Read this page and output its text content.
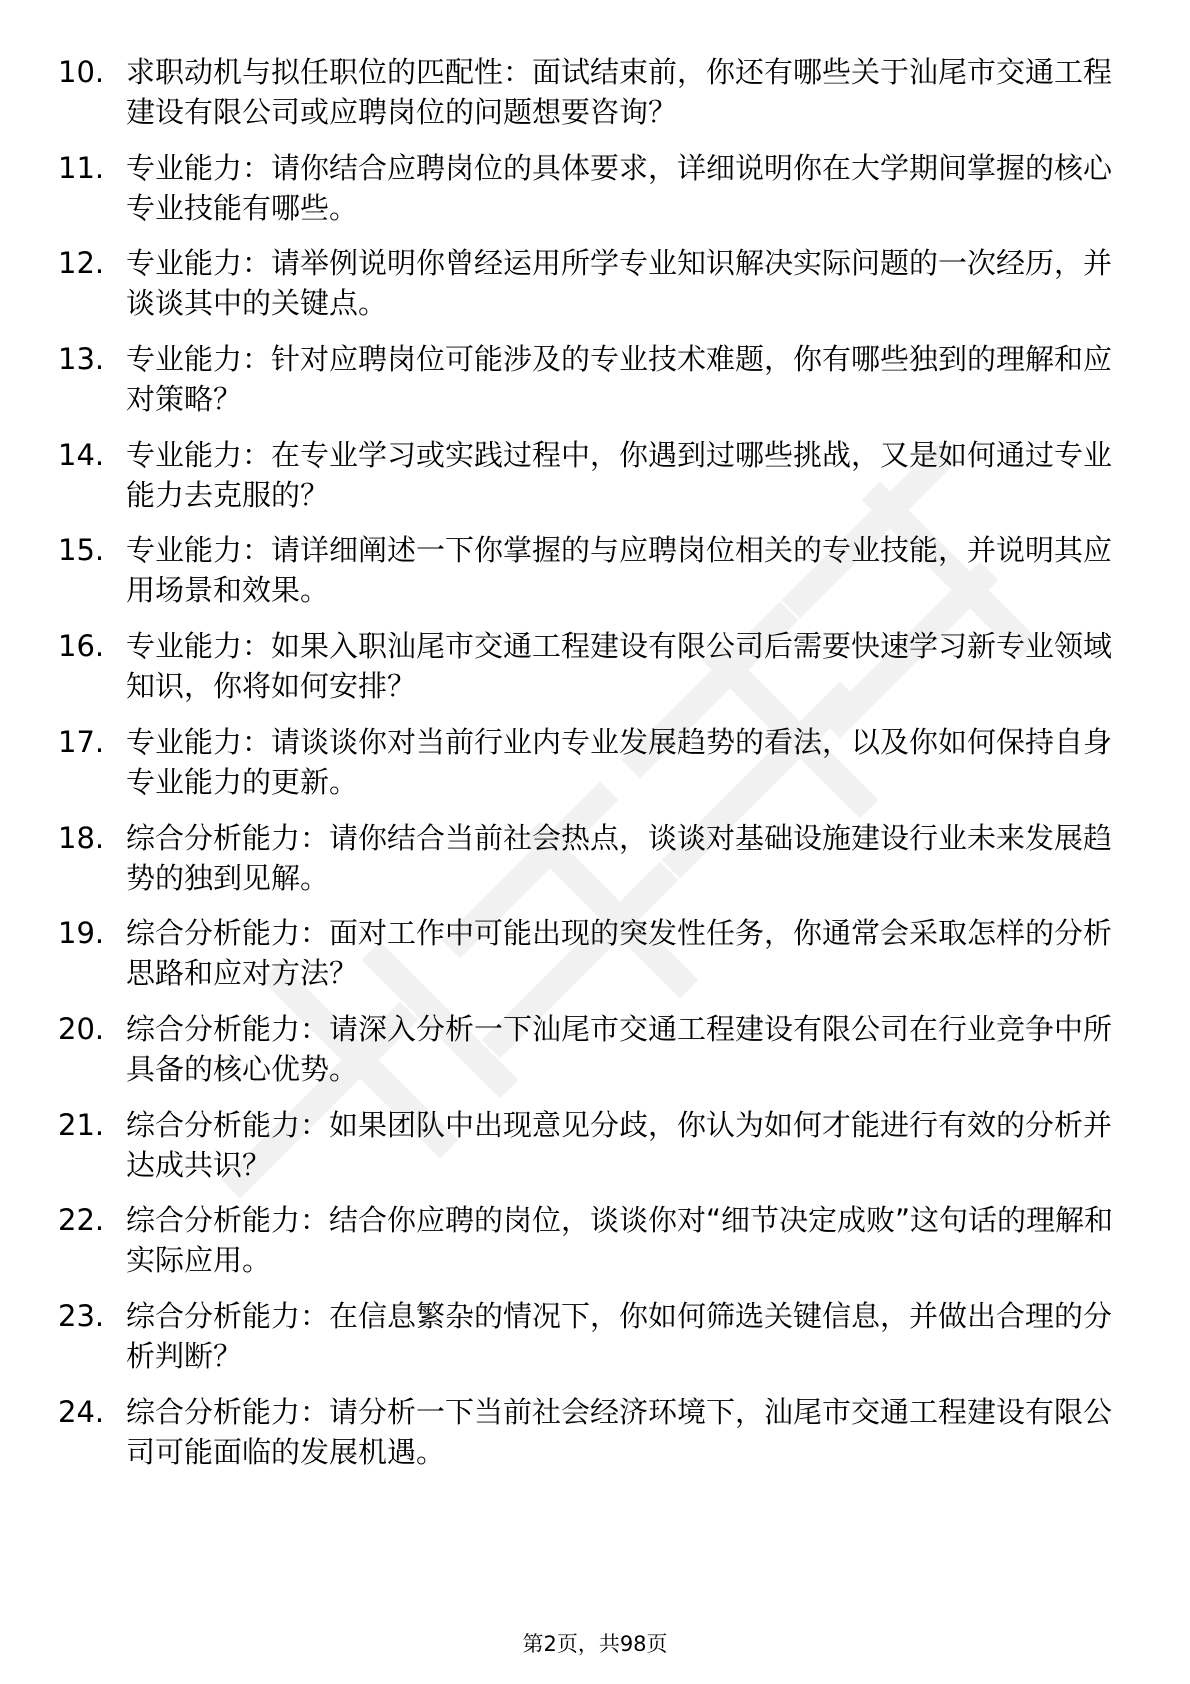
10. 求职动机与拟任职位的匹配性：面试结束前，你还有哪些关于汕尾市交通工程建设有限公司或应聘岗位的问题想要咨询？
11. 专业能力：请你结合应聘岗位的具体要求，详细说明你在大学期间掌握的核心专业技能有哪些。
12. 专业能力：请举例说明你曾经运用所学专业知识解决实际问题的一次经历，并谈谈其中的关键点。
13. 专业能力：针对应聘岗位可能涉及的专业技术难题，你有哪些独到的理解和应对策略？
14. 专业能力：在专业学习或实践过程中，你遇到过哪些挑战，又是如何通过专业能力去克服的？
15. 专业能力：请详细阐述一下你掌握的与应聘岗位相关的专业技能，并说明其应用场景和效果。
16. 专业能力：如果入职汕尾市交通工程建设有限公司后需要快速学习新专业领域知识，你将如何安排？
17. 专业能力：请谈谈你对当前行业内专业发展趋势的看法，以及你如何保持自身专业能力的更新。
18. 综合分析能力：请你结合当前社会热点，谈谈对基础设施建设行业未来发展趋势的独到见解。
19. 综合分析能力：面对工作中可能出现的突发性任务，你通常会采取怎样的分析思路和应对方法？
20. 综合分析能力：请深入分析一下汕尾市交通工程建设有限公司在行业竞争中所具备的核心优势。
21. 综合分析能力：如果团队中出现意见分歧，你认为如何才能进行有效的分析并达成共识？
22. 综合分析能力：结合你应聘的岗位，谈谈你对“细节决定成败”这句话的理解和实际应用。
23. 综合分析能力：在信息繁杂的情况下，你如何筛选关键信息，并做出合理的分析判断？
24. 综合分析能力：请分析一下当前社会经济环境下，汕尾市交通工程建设有限公司可能面临的发展机遇。
第2页，共98页
